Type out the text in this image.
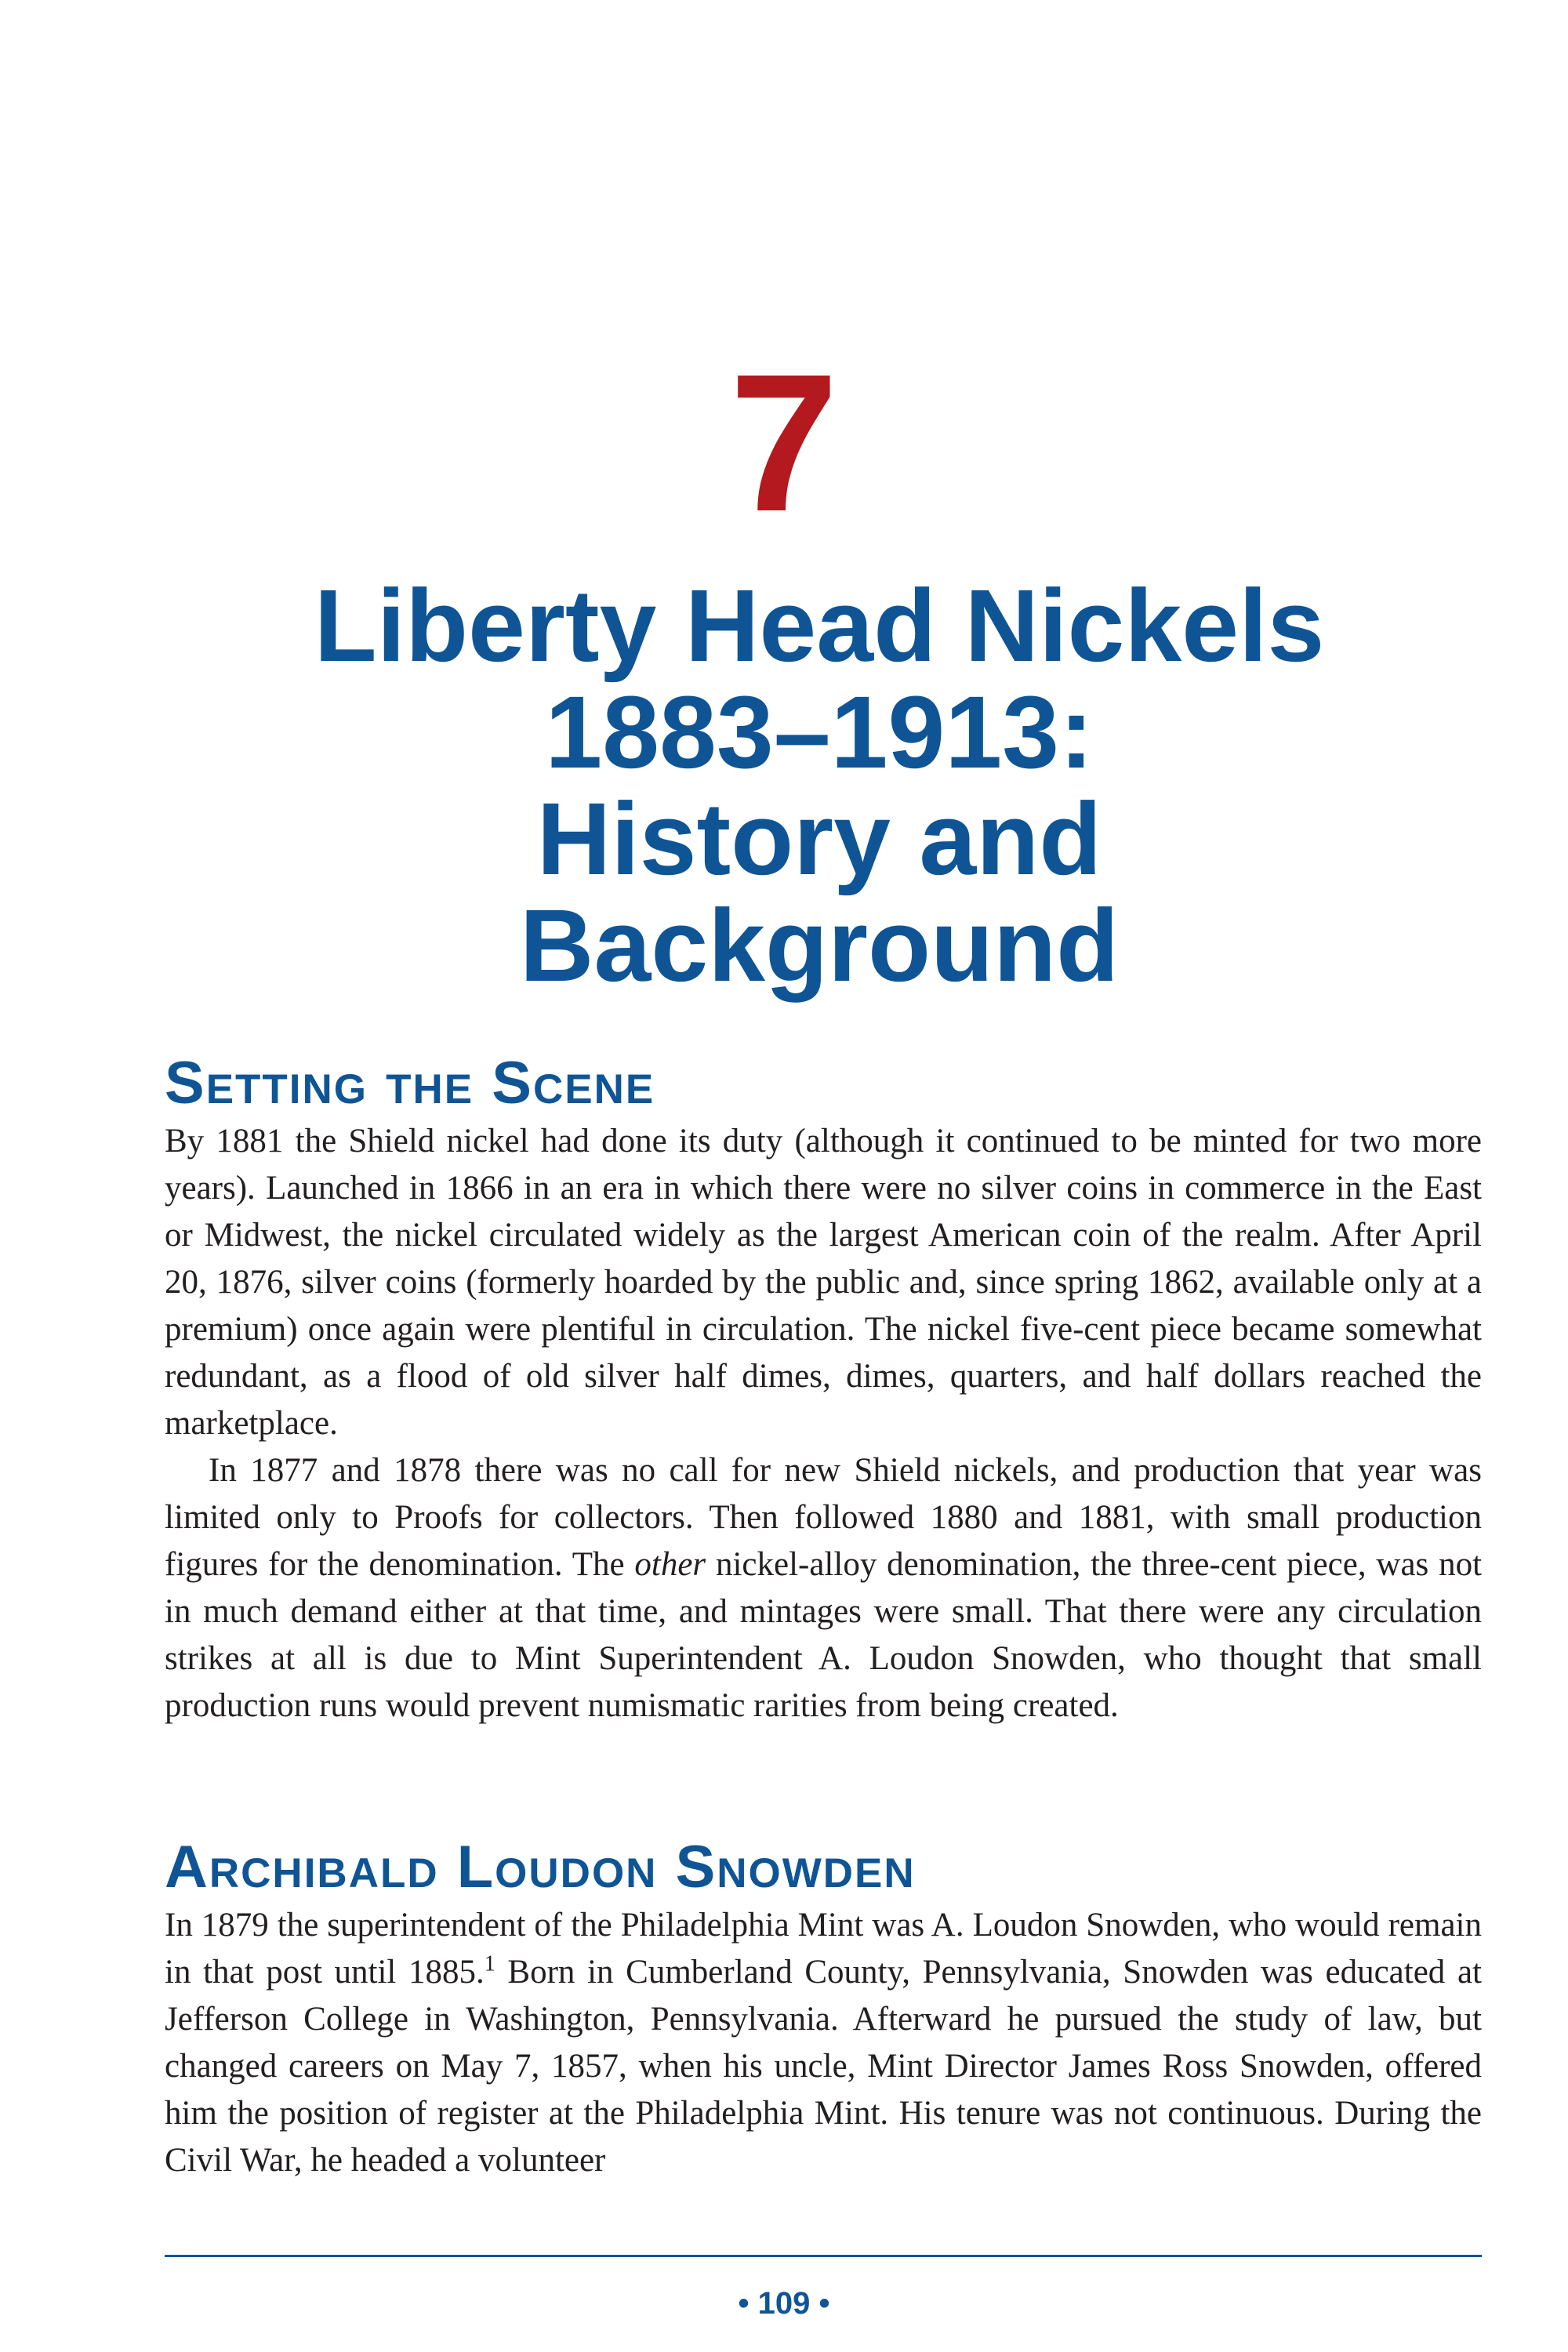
7
Liberty Head Nickels
1883–1913:
History and
Background
Setting the Scene

By 1881 the Shield nickel had done its duty (although it continued to be minted for two more years). Launched in 1866 in an era in which there were no silver coins in commerce in the East or Midwest, the nickel circulated widely as the largest American coin of the realm. After April 20, 1876, silver coins (formerly hoarded by the public and, since spring 1862, available only at a premium) once again were plentiful in circulation. The nickel five-cent piece became somewhat redundant, as a flood of old silver half dimes, dimes, quarters, and half dollars reached the marketplace.

In 1877 and 1878 there was no call for new Shield nickels, and production that year was limited only to Proofs for collectors. Then followed 1880 and 1881, with small production figures for the denomination. The other nickel-alloy denomination, the three-cent piece, was not in much demand either at that time, and mintages were small. That there were any circulation strikes at all is due to Mint Superintendent A. Loudon Snowden, who thought that small production runs would prevent numismatic rarities from being created.

Archibald Loudon Snowden

In 1879 the superintendent of the Philadelphia Mint was A. Loudon Snowden, who would remain in that post until 1885.$^1$ Born in Cumberland County, Pennsylvania, Snowden was educated at Jefferson College in Washington, Pennsylvania. Afterward he pursued the study of law, but changed careers on May 7, 1857, when his uncle, Mint Director James Ross Snowden, offered him the position of register at the Philadelphia Mint. His tenure was not continuous. During the Civil War, he headed a volunteer

• 109 •
